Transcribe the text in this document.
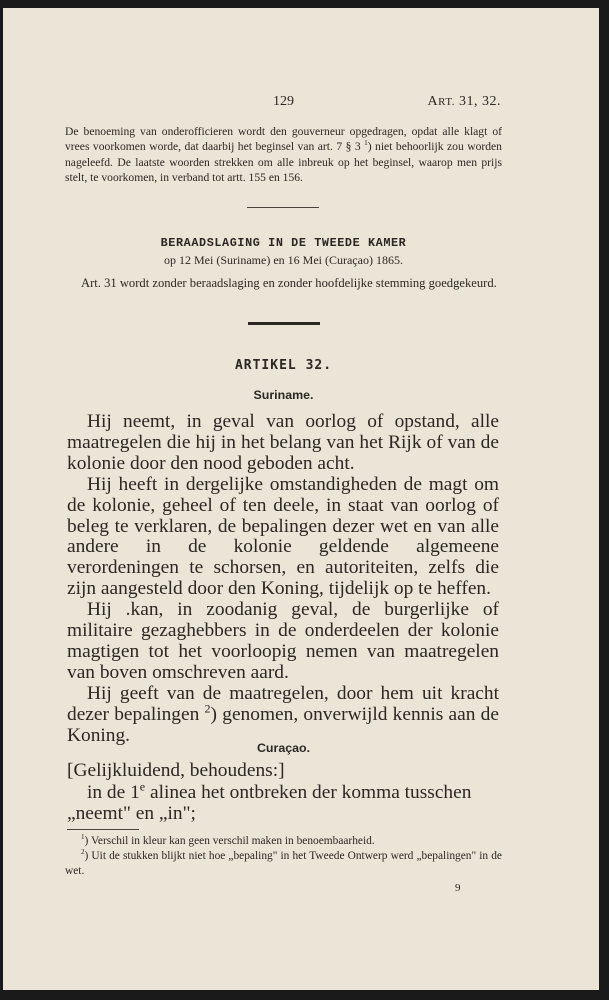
129	ART. 31, 32.
De benoeming van onderofficieren wordt den gouverneur opgedragen, opdat alle klagt of vrees voorkomen worde, dat daarbij het beginsel van art. 7 § 3 $^1$) niet behoorlijk zou worden nageleefd. De laatste woorden strekken om alle inbreuk op het beginsel, waarop men prijs stelt, te voorkomen, in verband tot artt. 155 en 156.
BERAADSLAGING IN DE TWEEDE KAMER
op 12 Mei (Suriname) en 16 Mei (Curaçao) 1865.
Art. 31 wordt zonder beraadslaging en zonder hoofdelijke stemming goedgekeurd.
ARTIKEL 32.
Suriname.

Hij neemt, in geval van oorlog of opstand, alle maatregelen die hij in het belang van het Rijk of van de kolonie door den nood geboden acht.

Hij heeft in dergelijke omstandigheden de magt om de kolonie, geheel of ten deele, in staat van oorlog of beleg te verklaren, de bepalingen dezer wet en van alle andere in de kolonie geldende algemeene verordeningen te schorsen, en autoriteiten, zelfs die zijn aangesteld door den Koning, tijdelijk op te heffen.

Hij .kan, in zoodanig geval, de burgerlijke of militaire gezaghebbers in de onderdeelen der kolonie magtigen tot het voorloopig nemen van maatregelen van boven omschreven aard.

Hij geeft van de maatregelen, door hem uit kracht dezer bepalingen $^2$) genomen, onverwijld kennis aan de Koning.

Curaçao.

[Gelijkluidend, behoudens:]

in de 1e alinea het ontbreken der komma tusschen „neemt" en „in";

$^1$) Verschil in kleur kan geen verschil maken in benoembaarheid.

$^2$) Uit de stukken blijkt niet hoe „bepaling" in het Tweede Ontwerp werd „bepalingen" in de wet.

9
